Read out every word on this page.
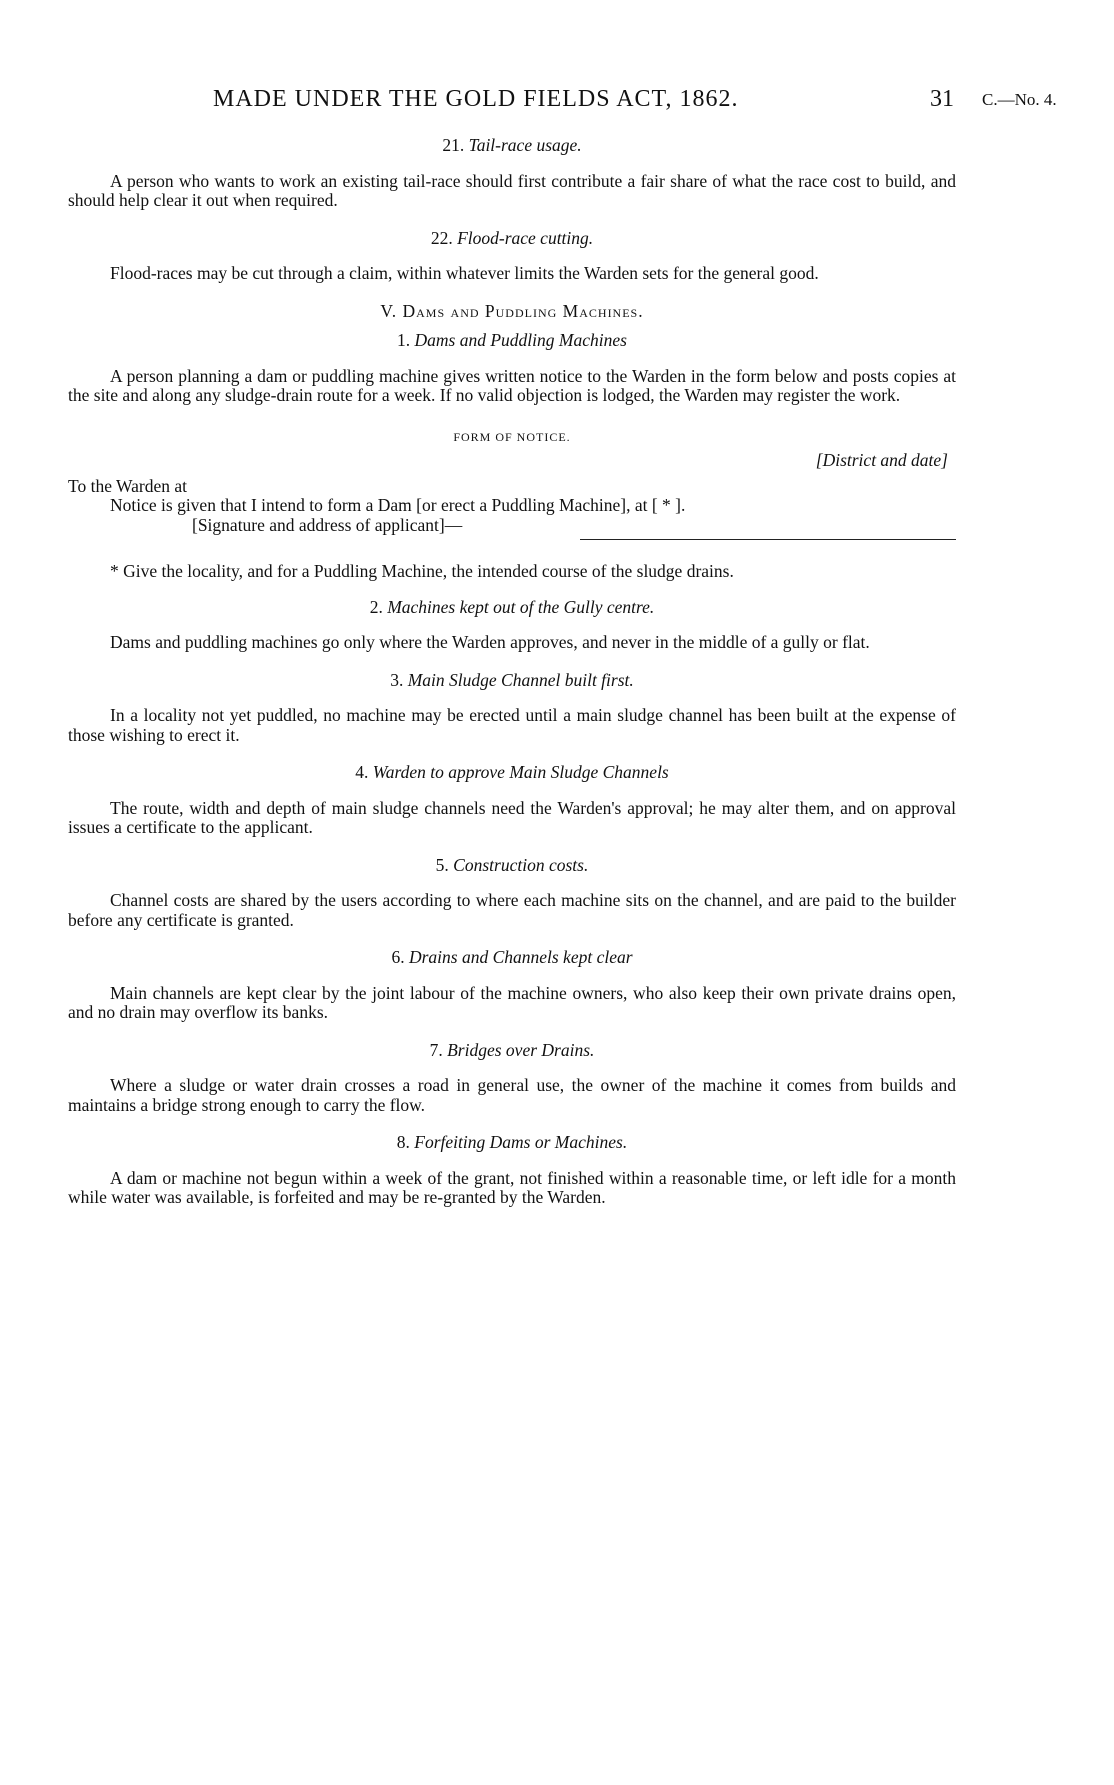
MADE UNDER THE GOLD FIELDS ACT, 1862.	31 C.—No. 4.
21. Tail-race usage.

A person who wants to work an existing tail-race should first contribute a fair share of what the race cost to build, and should help clear it out when required.

22. Flood-race cutting.

Flood-races may be cut through a claim, within whatever limits the Warden sets for the general good.

V. Dams and Puddling Machines.
1. Dams and Puddling Machines

A person planning a dam or puddling machine gives written notice to the Warden in the form below and posts copies at the site and along any sludge-drain route for a week. If no valid objection is lodged, the Warden may register the work.

FORM OF NOTICE.
[District and date]

To the Warden at

Notice is given that I intend to form a Dam [or erect a Puddling Machine], at [ * ].

[Signature and address of applicant]—

* Give the locality, and for a Puddling Machine, the intended course of the sludge drains.

2. Machines kept out of the Gully centre.

Dams and puddling machines go only where the Warden approves, and never in the middle of a gully or flat.

3. Main Sludge Channel built first.

In a locality not yet puddled, no machine may be erected until a main sludge channel has been built at the expense of those wishing to erect it.

4. Warden to approve Main Sludge Channels

The route, width and depth of main sludge channels need the Warden's approval; he may alter them, and on approval issues a certificate to the applicant.

5. Construction costs.

Channel costs are shared by the users according to where each machine sits on the channel, and are paid to the builder before any certificate is granted.

6. Drains and Channels kept clear

Main channels are kept clear by the joint labour of the machine owners, who also keep their own private drains open, and no drain may overflow its banks.

7. Bridges over Drains.

Where a sludge or water drain crosses a road in general use, the owner of the machine it comes from builds and maintains a bridge strong enough to carry the flow.

8. Forfeiting Dams or Machines.

A dam or machine not begun within a week of the grant, not finished within a reasonable time, or left idle for a month while water was available, is forfeited and may be re-granted by the Warden.
